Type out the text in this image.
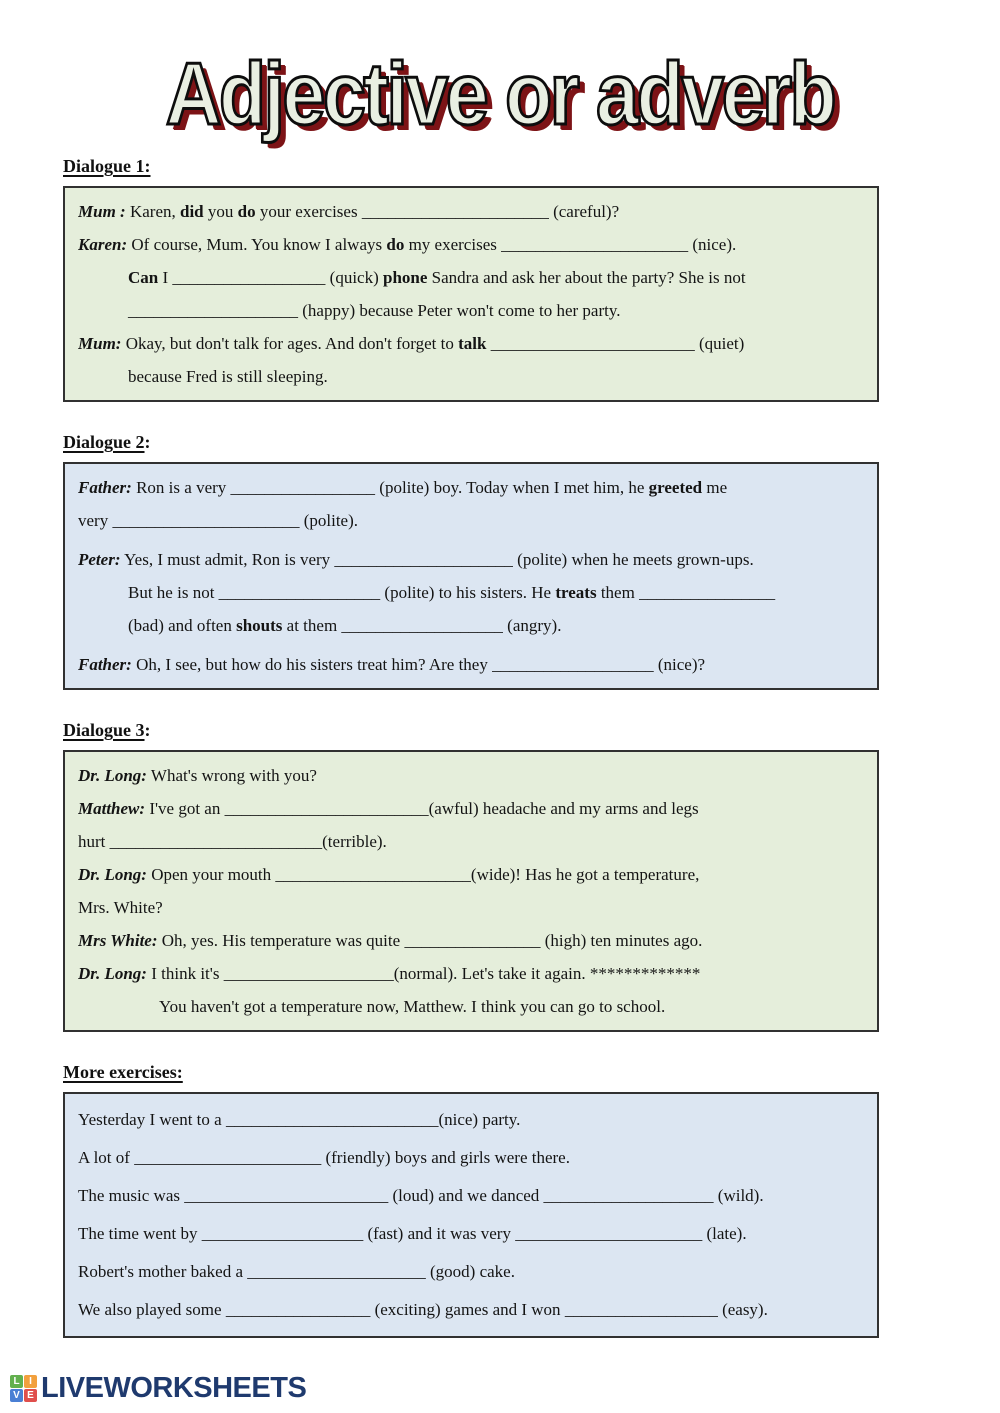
Adjective or adverb
Dialogue 1:

Mum : Karen, did you do your exercises ______________________ (careful)?

Karen: Of course, Mum. You know I always do my exercises ______________________ (nice).

Can I __________________ (quick) phone Sandra and ask her about the party? She is not

____________________ (happy) because Peter won't come to her party.

Mum: Okay, but don't talk for ages. And don't forget to talk ________________________ (quiet)

because Fred is still sleeping.

Dialogue 2:

Father: Ron is a very _________________ (polite) boy. Today when I met him, he greeted me

very ______________________ (polite).

Peter: Yes, I must admit, Ron is very _____________________ (polite) when he meets grown-ups.

But he is not ___________________ (polite) to his sisters. He treats them ________________

(bad) and often shouts at them ___________________ (angry).

Father: Oh, I see, but how do his sisters treat him? Are they ___________________ (nice)?

Dialogue 3:

Dr. Long: What's wrong with you?

Matthew: I've got an ________________________(awful) headache and my arms and legs

hurt _________________________(terrible).

Dr. Long: Open your mouth _______________________(wide)! Has he got a temperature,

Mrs. White?

Mrs White: Oh, yes. His temperature was quite ________________ (high) ten minutes ago.

Dr. Long: I think it's ____________________(normal). Let's take it again. *************

You haven't got a temperature now, Matthew. I think you can go to school.

More exercises:

Yesterday I went to a _________________________(nice) party.

A lot of ______________________ (friendly) boys and girls were there.

The music was ________________________ (loud) and we danced ____________________ (wild).

The time went by ___________________ (fast) and it was very ______________________ (late).

Robert's mother baked a _____________________ (good) cake.

We also played some _________________ (exciting) games and I won __________________ (easy).

L I
V E LIVEWORKSHEETS
